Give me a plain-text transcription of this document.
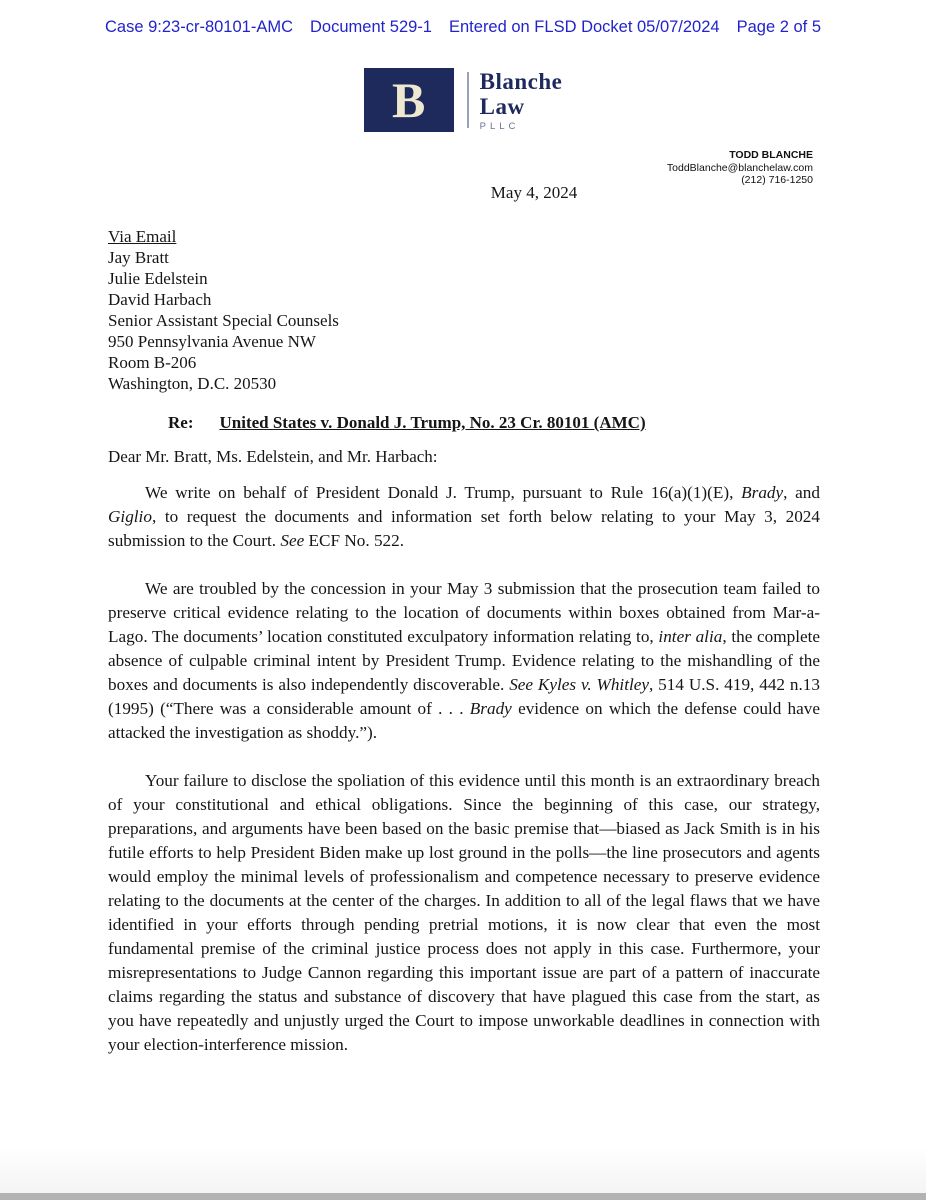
Case 9:23-cr-80101-AMC Document 529-1 Entered on FLSD Docket 05/07/2024 Page 2 of 5
B Blanche
Law
PLLC
TODD BLANCHE
ToddBlanche@blanchelaw.com
(212) 716-1250
May 4, 2024
Via Email
Jay Bratt
Julie Edelstein
David Harbach
Senior Assistant Special Counsels
950 Pennsylvania Avenue NW
Room B-206
Washington, D.C. 20530
Re: United States v. Donald J. Trump, No. 23 Cr. 80101 (AMC)
Dear Mr. Bratt, Ms. Edelstein, and Mr. Harbach:

We write on behalf of President Donald J. Trump, pursuant to Rule 16(a)(1)(E), Brady, and Giglio, to request the documents and information set forth below relating to your May 3, 2024 submission to the Court. See ECF No. 522.

We are troubled by the concession in your May 3 submission that the prosecution team failed to preserve critical evidence relating to the location of documents within boxes obtained from Mar-a-Lago. The documents’ location constituted exculpatory information relating to, inter alia, the complete absence of culpable criminal intent by President Trump. Evidence relating to the mishandling of the boxes and documents is also independently discoverable. See Kyles v. Whitley, 514 U.S. 419, 442 n.13 (1995) (“There was a considerable amount of . . . Brady evidence on which the defense could have attacked the investigation as shoddy.”).

Your failure to disclose the spoliation of this evidence until this month is an extraordinary breach of your constitutional and ethical obligations. Since the beginning of this case, our strategy, preparations, and arguments have been based on the basic premise that—biased as Jack Smith is in his futile efforts to help President Biden make up lost ground in the polls—the line prosecutors and agents would employ the minimal levels of professionalism and competence necessary to preserve evidence relating to the documents at the center of the charges. In addition to all of the legal flaws that we have identified in your efforts through pending pretrial motions, it is now clear that even the most fundamental premise of the criminal justice process does not apply in this case. Furthermore, your misrepresentations to Judge Cannon regarding this important issue are part of a pattern of inaccurate claims regarding the status and substance of discovery that have plagued this case from the start, as you have repeatedly and unjustly urged the Court to impose unworkable deadlines in connection with your election-interference mission.
